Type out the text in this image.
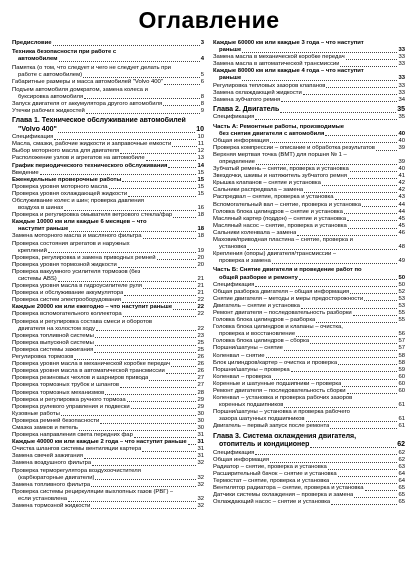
Оглавление
Предисловие	3
Техника безопасности при работе с
автомобилем	4
Памятка (о том, что следует и чего не следует делать при
работе с автомобилем)	5
Габаритные размеры и масса автомобилей "Volvo 400"	6
Подъем автомобиля домкратом, замена колеса и
буксировка автомобиля	8
Запуск двигателя от аккумулятора другого автомобиля	8
Утечки рабочих жидкостей	9
Глава 1. Техническое обслуживание автомобилей
"Volvo 400"	10
Спецификация	10
Масла, смазки, рабочие жидкости и заправочные емкости	11
Выбор моторного масла для двигателя	12
Расположение узлов и агрегатов на автомобиле	13
График периодического технического обслуживания	14
Введение	15
Еженедельные проверочные работы	15
Проверка уровня моторного масла	15
Проверка уровня охлаждающей жидкости	15
Обслуживание колес и шин; проверка давления
воздуха в шинах	16
Проверка и регулировка омывателя ветрового стекла/фар	18
Каждые 10000 км или каждые 6 месяцев – что
наступит раньше	18
Замена моторного масла и масляного фильтра	18
Проверка состояния агрегатов и наружных
креплений	19
Проверка, регулировка и замена приводных ремней	20
Проверка уровня тормозной жидкости	20
Проверка вакуумного усилителя тормозов (без
системы ABS)	21
Проверка уровня масла в гидроусилителе руля	21
Проверка и обслуживание аккумулятора	21
Проверка систем электрооборудования	22
Каждые 20000 км или ежегодно – что наступит раньше	22
Проверка вспомогательного коллектора	22
Проверка и регулировка состава смеси и оборотов
двигателя на холостом ходу	22
Проверка топливной системы	23
Проверка выпускной системы	25
Проверка системы зажигания	25
Регулировка тормозов	26
Проверка уровня масла в механической коробке передач	26
Проверка уровня масла в автоматической трансмиссии	26
Проверка резиновых чехлов и шарниров привода	27
Проверка тормозных трубок и шлангов	27
Проверка тормозных механизмов	28
Проверка и регулировка ручного тормоза	29
Проверка рулевого управления и подвески	29
Кузовные работы	30
Проверка ремней безопасности	30
Смазка замков и петель	30
Проверка направления света передних фар	31
Каждые 40000 км или каждые 2 года – что наступит раньше 31
Очистка шлангов системы вентиляции картера	31
Замена свечей зажигания	31
Замена воздушного фильтра	32
Проверка терморегулятора воздухоочистителя
(карбюраторные двигатели)	32
Замена топливного фильтра	32
Проверка системы рециркуляции выхлопных газов (РВГ) –
если установлена	32
Замена тормозной жидкости	32
Каждые 60000 км или каждые 3 года – что наступит
раньше	33
Замена масла в механической коробке передач	33
Замена масла в автоматической трансмиссии	33
Каждые 80000 км или каждые 4 года – что наступит
раньше	33
Регулировка тепловых зазоров клапанов	33
Замена охлаждающей жидкости	33
Замена зубчатого ремня	34
Глава 2. Двигатель	35
Спецификация	35
Часть А: Ремонтные работы, производимые
без снятия двигателя с автомобиля	40
Общая информация	40
Проверка компрессии – описание и обработка результатов	39
Верхняя мертвая точка (ВМТ) для поршня № 1 –
определение	39
Зубчатый ремень – снятие, проверка и установка	40
Звездочки, шкивы и натяжитель зубчатого ремня	41
Крышка клапанов – снятие и установка	42
Сальники распредвала – замена	42
Распредвал – снятие, проверка и установка	43
Вспомогательный вал – снятие, проверка и установка	44
Головка блока цилиндров – снятие и установка	44
Масляный картер (поддон) – снятие и установка	45
Масляный насос – снятие, проверка и установка	45
Сальники коленвала – замена	46
Маховик/приводная пластина – снятие, проверка и
установка	48
Крепления (опоры) двигателя/трансмиссии –
проверка и замена	49
Часть Б: Снятие двигателя и проведение работ по
общей разборке и ремонту	50
Спецификация	50
Общая разборка двигателя – общая информация	52
Снятие двигателя – методы и меры предосторожности	53
Двигатель – снятие и установка	53
Ремонт двигателя – последовательность разборки	55
Головка блока цилиндров – разборка	55
Головка блока цилиндров и клапаны – очистка,
проверка и восстановление	56
Головка блока цилиндров – сборка	57
Поршни/шатуны – снятие	57
Коленвал – снятие	58
Блок цилиндров/картер – очистка и проверка	58
Поршни/шатуны – проверка	59
Коленвал – проверка	60
Коренные и шатунные подшипники – проверка	60
Ремонт двигателя – последовательность сборки	60
Коленвал – установка и проверка рабочих зазоров
коренных подшипников	61
Поршни/шатуны – установка и проверка рабочего
зазора шатунных подшипников	61
Двигатель – первый запуск после ремонта	61
Глава 3. Система охлаждения двигателя,
отопитель и кондиционер	62
Спецификация	62
Общая информация	62
Радиатор – снятие, проверка и установка	63
Расширительный бачок – снятие и установка	64
Термостат – снятие, проверка и установка	64
Вентилятор радиатора – снятие, проверка и установка	65
Датчики системы охлаждения – проверка и замена	65
Охлаждающий насос – снятие и установка	65
